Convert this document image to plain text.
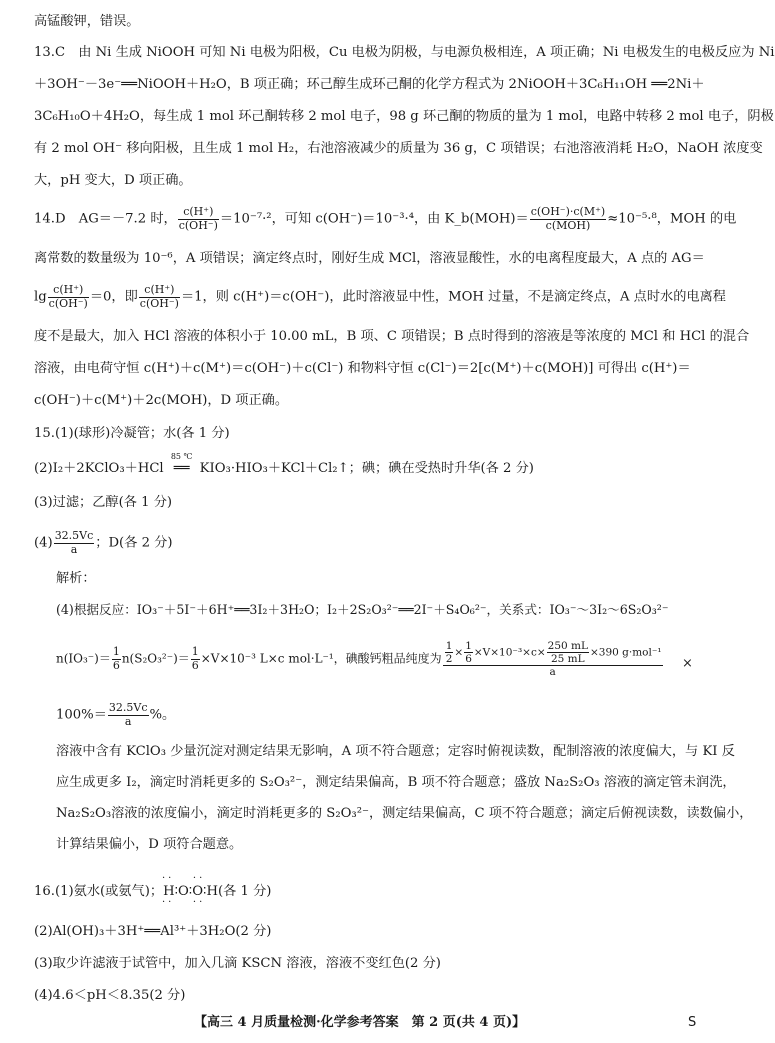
高锰酸钾，错误。
13.C　由 Ni 生成 NiOOH 可知 Ni 电极为阳极，Cu 电极为阴极，与电源负极相连，A 项正确；Ni 电极发生的电极反应为 Ni
＋3OH⁻－3e⁻══NiOOH＋H₂O，B 项正确；环己醇生成环己酮的化学方程式为 2NiOOH＋3C₆H₁₁OH ══2Ni＋
3C₆H₁₀O＋4H₂O，每生成 1 mol 环己酮转移 2 mol 电子，98 g 环己酮的物质的量为 1 mol，电路中转移 2 mol 电子，阴极
有 2 mol OH⁻ 移向阳极，且生成 1 mol H₂，右池溶液减少的质量为 36 g，C 项错误；右池溶液消耗 H₂O，NaOH 浓度变
大，pH 变大，D 项正确。
14.D　AG＝－7.2 时， $\frac{c(H^+)}{c(OH^-)} =10^{-7}\cdot^2$，可知 c(OH⁻)＝10⁻³·⁴，由 K_b(MOH)＝ $\frac{c(OH^-)\cdot c(M^+)}{\text{c(MOH)}} \approx 10^{-5}\cdot^8$，MOH 的电
离常数的数量级为 10⁻⁶，A 项错误；滴定终点时，刚好生成 MCl，溶液显酸性，水的电离程度最大，A 点的 AG＝
$\lg \frac{c(H^+)}{c(OH^-)} =0$，即 $\frac{c(H^+)}{c(OH^-)} =1$，则 c(H⁺)＝c(OH⁻)，此时溶液显中性，MOH 过量，不是滴定终点，A 点时水的电离程
度不是最大，加入 HCl 溶液的体积小于 10.00 mL，B 项、C 项错误；B 点时得到的溶液是等浓度的 MCl 和 HCl 的混合
溶液，由电荷守恒 c(H⁺)＋c(M⁺)＝c(OH⁻)＋c(Cl⁻) 和物料守恒 c(Cl⁻)＝2[c(M⁺)＋c(MOH)] 可得出 c(H⁺)＝
c(OH⁻)＋c(M⁺)＋2c(MOH)，D 项正确。
15.(1)(球形)冷凝管；水(各 1 分)
(2)I₂＋2KClO₃＋HCl
85 ℃
══ KIO₃·HIO₃＋KCl＋Cl₂↑；碘；碘在受热时升华(各 2 分)
(3)过滤；乙醇(各 1 分)
$(4) \frac{32.5Vc}{a}$ ；D(各 2 分)
解析：
(4)根据反应：IO₃⁻＋5I⁻＋6H⁺══3I₂＋3H₂O；I₂＋2S₂O₃²⁻══2I⁻＋S₄O₆²⁻，关系式：IO₃⁻～3I₂～6S₂O₃²⁻
$n(IO_3^-)= \frac{1}{6} n(S_2O_3^{2-})= \frac{1}{6} \times V\times 10^{-3}$ L×c mol·L⁻¹，碘酸钙粗品纯度为 $\frac{\frac{1}{2} \times \frac{1}{6} \times V\times 10^{-3}\times c\times \frac{250 mL}{25 mL} \times 390 g\cdot mol^{-1}}{a}$ ×
$100\%= \frac{32.5Vc}{a}$ %。
溶液中含有 KClO₃ 少量沉淀对测定结果无影响，A 项不符合题意；定容时俯视读数，配制溶液的浓度偏大，与 KI 反
应生成更多 I₂，滴定时消耗更多的 S₂O₃²⁻，测定结果偏高，B 项不符合题意；盛放 Na₂S₂O₃ 溶液的滴定管未润洗，
Na₂S₂O₃溶液的浓度偏小，滴定时消耗更多的 S₂O₃²⁻，测定结果偏高，C 项不符合题意；滴定后俯视读数，读数偏小，
计算结果偏小，D 项符合题意。
··   ··
16.(1)氨水(或氨气)；H∶O∶O∶H(各 1 分)
··   ··
(2)Al(OH)₃＋3H⁺══Al³⁺＋3H₂O(2 分)
(3)取少许滤液于试管中，加入几滴 KSCN 溶液，溶液不变红色(2 分)
(4)4.6＜pH＜8.35(2 分)
【高三 4 月质量检测·化学参考答案　第 2 页(共 4 页)】	S
